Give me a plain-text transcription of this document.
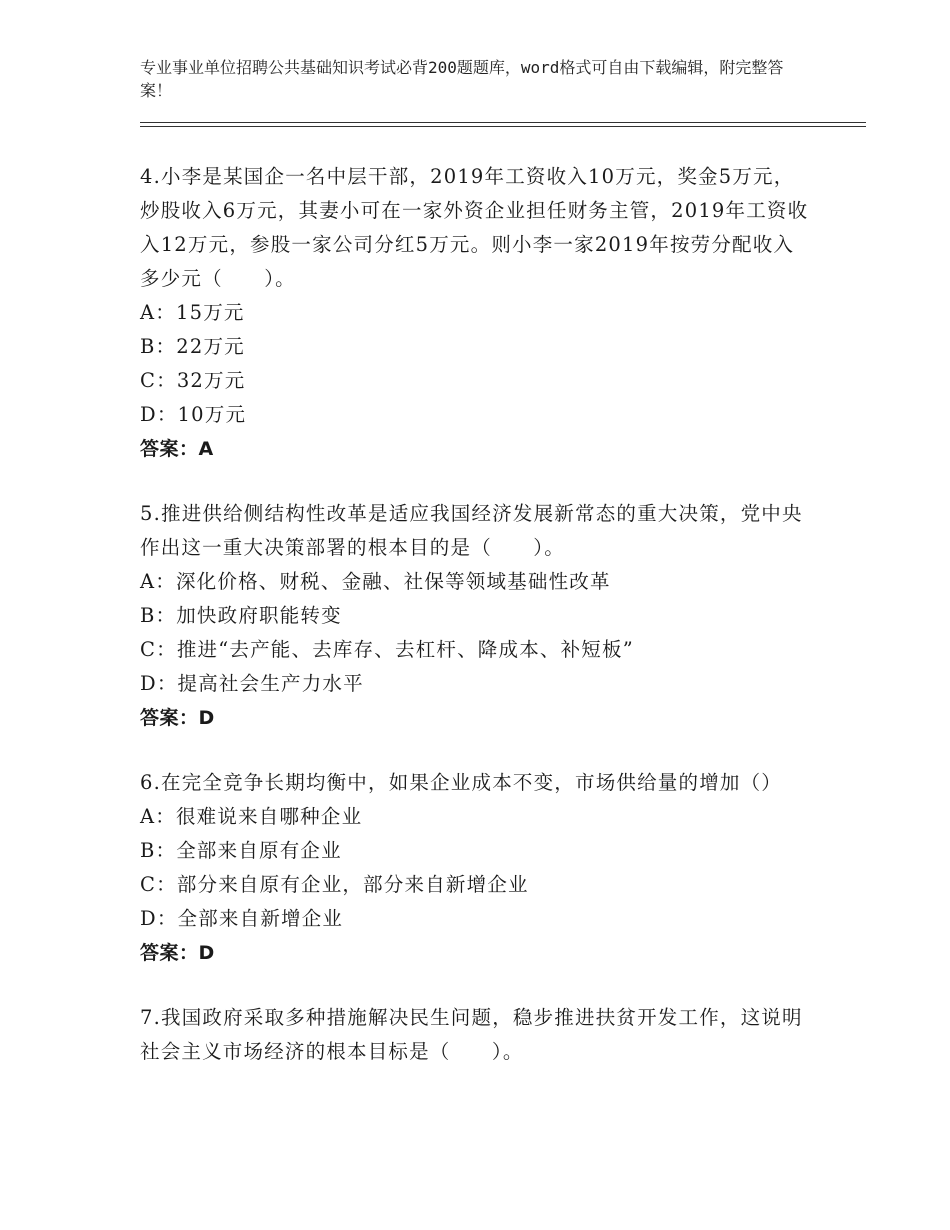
专业事业单位招聘公共基础知识考试必背200题题库，word格式可自由下载编辑，附完整答案！
4.小李是某国企一名中层干部，2019年工资收入10万元，奖金5万元，炒股收入6万元，其妻小可在一家外资企业担任财务主管，2019年工资收入12万元，参股一家公司分红5万元。则小李一家2019年按劳分配收入多少元（　　）。
A：15万元
B：22万元
C：32万元
D：10万元
答案：A
5.推进供给侧结构性改革是适应我国经济发展新常态的重大决策，党中央作出这一重大决策部署的根本目的是（　　）。
A：深化价格、财税、金融、社保等领域基础性改革
B：加快政府职能转变
C：推进“去产能、去库存、去杠杆、降成本、补短板”
D：提高社会生产力水平
答案：D
6.在完全竞争长期均衡中，如果企业成本不变，市场供给量的增加（）
A：很难说来自哪种企业
B：全部来自原有企业
C：部分来自原有企业，部分来自新增企业
D：全部来自新增企业
答案：D
7.我国政府采取多种措施解决民生问题，稳步推进扶贫开发工作，这说明社会主义市场经济的根本目标是（　　）。
